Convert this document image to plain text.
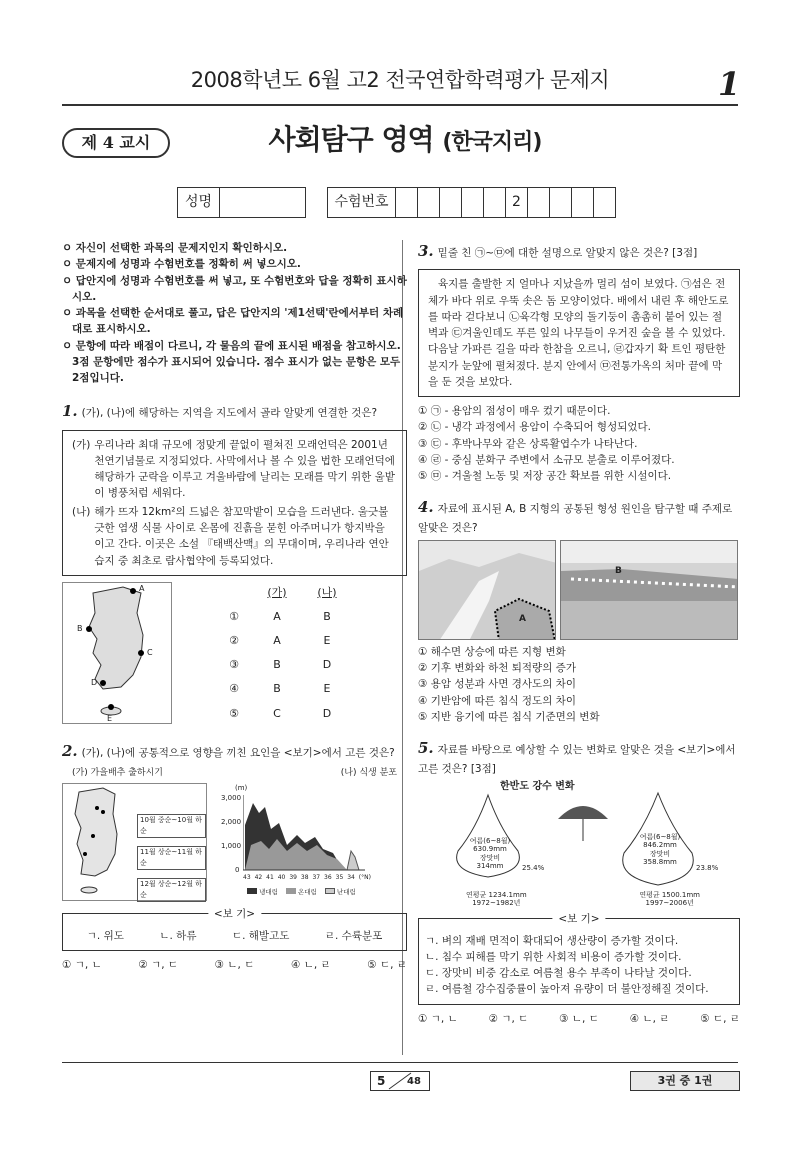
2008학년도 6월 고2 전국연합학력평가 문제지	1
제 4 교시	사회탐구 영역 (한국지리)
성명			수험번호						2				
ㅇ 자신이 선택한 과목의 문제지인지 확인하시오.
ㅇ 문제지에 성명과 수험번호를 정확히 써 넣으시오.
ㅇ 답안지에 성명과 수험번호를 써 넣고, 또 수험번호와 답을 정확히 표시하시오.
ㅇ 과목을 선택한 순서대로 풀고, 답은 답안지의 '제1선택'란에서부터 차례대로 표시하시오.
ㅇ 문항에 따라 배점이 다르니, 각 물음의 끝에 표시된 배점을 참고하시오. 3점 문항에만 점수가 표시되어 있습니다. 점수 표시가 없는 문항은 모두 2점입니다.
1. (가), (나)에 해당하는 지역을 지도에서 골라 알맞게 연결한 것은?
(가) 우리나라 최대 규모에 정맞게 끝없이 펼쳐진 모래언덕은 2001년 천연기념물로 지정되었다. 사막에서나 볼 수 있을 법한 모래언덕에 해당하가 군락을 이루고 겨울바람에 날리는 모래를 막기 위한 울밭이 병풍처럼 세워다.
(나) 해가 뜨자 12km²의 드넓은 참꼬막밭이 모습을 드러낸다. 울긋불긋한 염생 식물 사이로 온몸에 진흙을 묻힌 아주머니가 항지박을 이고 간다. 이곳은 소설 『태백산맥』의 무대이며, 우리나라 연안습지 중 최초로 람사협약에 등록되었다.
A
B
C
D
E
(가)	(나)
①	A	B
②	A	E
③	B	D
④	B	E
⑤	C	D
2. (가), (나)에 공통적으로 영향을 끼친 요인을 <보기>에서 고른 것은?
(가) 가을배추 출하시기	(나) 식생 분포
10월 중순~10월 하순
11월 상순~11월 하순
12월 상순~12월 하순
(m)
3,000
2,000
1,000
0
43 42 41 40 39 38 37 36 35 34 (°N)
냉대림	온대림	난대림
<보 기>
ㄱ. 위도	ㄴ. 하류	ㄷ. 해발고도	ㄹ. 수륙분포
① ㄱ, ㄴ	② ㄱ, ㄷ	③ ㄴ, ㄷ	④ ㄴ, ㄹ	⑤ ㄷ, ㄹ
3. 밑줄 친 ㉠~㉤에 대한 설명으로 알맞지 않은 것은? [3점]
육지를 출발한 지 얼마나 지났을까 멀리 섬이 보였다. ㉠섬은 전체가 바다 위로 우뚝 솟은 돔 모양이었다. 배에서 내린 후 해안도로를 따라 걷다보니 ㉡육각형 모양의 돌기둥이 촘촘히 붙어 있는 절벽과 ㉢겨울인데도 푸른 잎의 나무들이 우거진 숲을 볼 수 있었다. 다음날 가파른 길을 따라 한참을 오르니, ㉣갑자기 확 트인 평탄한 분지가 눈앞에 펼쳐졌다. 분지 안에서 ㉤전통가옥의 처마 끝에 막을 둔 것을 보았다.
① ㉠ - 용암의 점성이 매우 컸기 때문이다.
② ㉡ - 냉각 과정에서 용암이 수축되어 형성되었다.
③ ㉢ - 후박나무와 같은 상록활엽수가 나타난다.
④ ㉣ - 중심 분화구 주변에서 소규모 분출로 이루어졌다.
⑤ ㉤ - 겨울철 노동 및 저장 공간 확보를 위한 시설이다.
4. 자료에 표시된 A, B 지형의 공통된 형성 원인을 탐구할 때 주제로 알맞은 것은?
A
B
① 해수면 상승에 따른 지형 변화
② 기후 변화와 하천 퇴적량의 증가
③ 용암 성분과 사면 경사도의 차이
④ 기반암에 따른 침식 정도의 차이
⑤ 지반 융기에 따른 침식 기준면의 변화
5. 자료를 바탕으로 예상할 수 있는 변화로 알맞은 것을 <보기>에서 고른 것은? [3점]
한반도 강수 변화
여름(6~8월)
630.9mm
장맛비
314mm	25.4%
여름(6~8월)
846.2mm
장맛비
358.8mm
23.8%
연평균 1234.1mm
1972~1982년
연평균 1500.1mm
1997~2006년
<보 기>
ㄱ. 벼의 재배 면적이 확대되어 생산량이 증가할 것이다.
ㄴ. 침수 피해를 막기 위한 사회적 비용이 증가할 것이다.
ㄷ. 장맛비 비중 감소로 여름철 용수 부족이 나타날 것이다.
ㄹ. 여름철 강수집중률이 높아져 유량이 더 불안정해질 것이다.
① ㄱ, ㄴ	② ㄱ, ㄷ	③ ㄴ, ㄷ	④ ㄴ, ㄹ	⑤ ㄷ, ㄹ
5 48	3권 중 1권
